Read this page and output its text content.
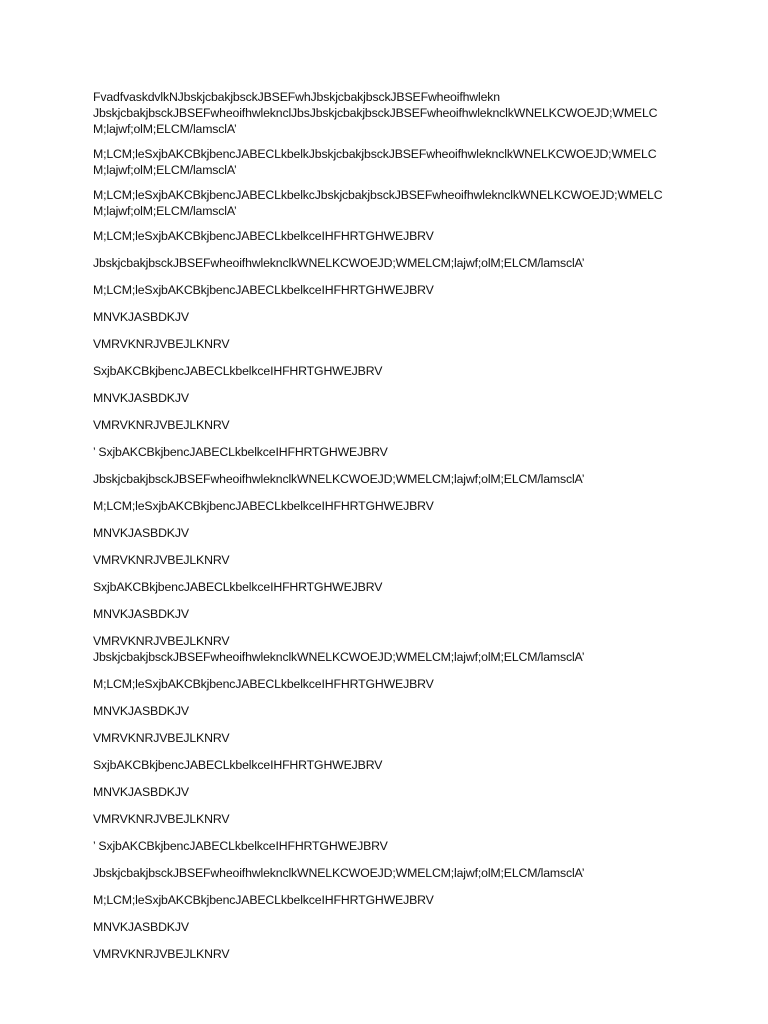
FvadfvaskdvlkNJbskjcbakjbsckJBSEFwhJbskjcbakjbsckJBSEFwheoifhwlekn
JbskjcbakjbsckJBSEFwheoifhwlekncl​JbsJbskjcbakjbsckJBSEFwheoifhwlekncl​kWNELKCWOEJD;WMELC
M;lajwf;olM;ELCM/lamsclA’

M;LCM;leSxjbAKCBkjbencJABECLkbelkJbskjcbakjbsckJBSEFwheoifhwlekncl​kWNELKCWOEJD;WMELC
M;lajwf;olM;ELCM/lamsclA’

M;LCM;leSxjbAKCBkjbencJABECLkbelkcJbskjcbakjbsckJBSEFwheoifhwlekncl​kWNELKCWOEJD;WMELC
M;lajwf;olM;ELCM/lamsclA’

M;LCM;leSxjbAKCBkjbencJABECLkbelkceIHFHRTGHWEJBRV

Jbskjcbakjbsck​JBSEFwheoifhwlekncl​kWNELKCWOEJD;WMELCM;lajwf;olM;ELCM/lamsclA’

M;LCM;leSxjbAKCBkjbencJABECLkbelkceIHFHRTGHWEJBRV

MNVKJASBDKJV

VMRVKNRJVBEJLKNRV

SxjbAKCBkjbencJABECLkbelkceIHFHRTGHWEJBRV

MNVKJASBDKJV

VMRVKNRJVBEJLKNRV

’ SxjbAKCBkjbencJABECLkbelkceIHFHRTGHWEJBRV

Jbskjcbakjbsck​JBSEFwheoifhwlekncl​kWNELKCWOEJD;WMELCM;lajwf;olM;ELCM/lamsclA’

M;LCM;leSxjbAKCBkjbencJABECLkbelkceIHFHRTGHWEJBRV

MNVKJASBDKJV

VMRVKNRJVBEJLKNRV

SxjbAKCBkjbencJABECLkbelkceIHFHRTGHWEJBRV

MNVKJASBDKJV

VMRVKNRJVBEJLKNRV

Jbskjcbakjbsck​JBSEFwheoifhwlekncl​kWNELKCWOEJD;WMELCM;lajwf;olM;ELCM/lamsclA’

M;LCM;leSxjbAKCBkjbencJABECLkbelkceIHFHRTGHWEJBRV

MNVKJASBDKJV

VMRVKNRJVBEJLKNRV

SxjbAKCBkjbencJABECLkbelkceIHFHRTGHWEJBRV

MNVKJASBDKJV

VMRVKNRJVBEJLKNRV

’ SxjbAKCBkjbencJABECLkbelkceIHFHRTGHWEJBRV

Jbskjcbakjbsck​JBSEFwheoifhwlekncl​kWNELKCWOEJD;WMELCM;lajwf;olM;ELCM/lamsclA’

M;LCM;leSxjbAKCBkjbencJABECLkbelkceIHFHRTGHWEJBRV

MNVKJASBDKJV

VMRVKNRJVBEJLKNRV
